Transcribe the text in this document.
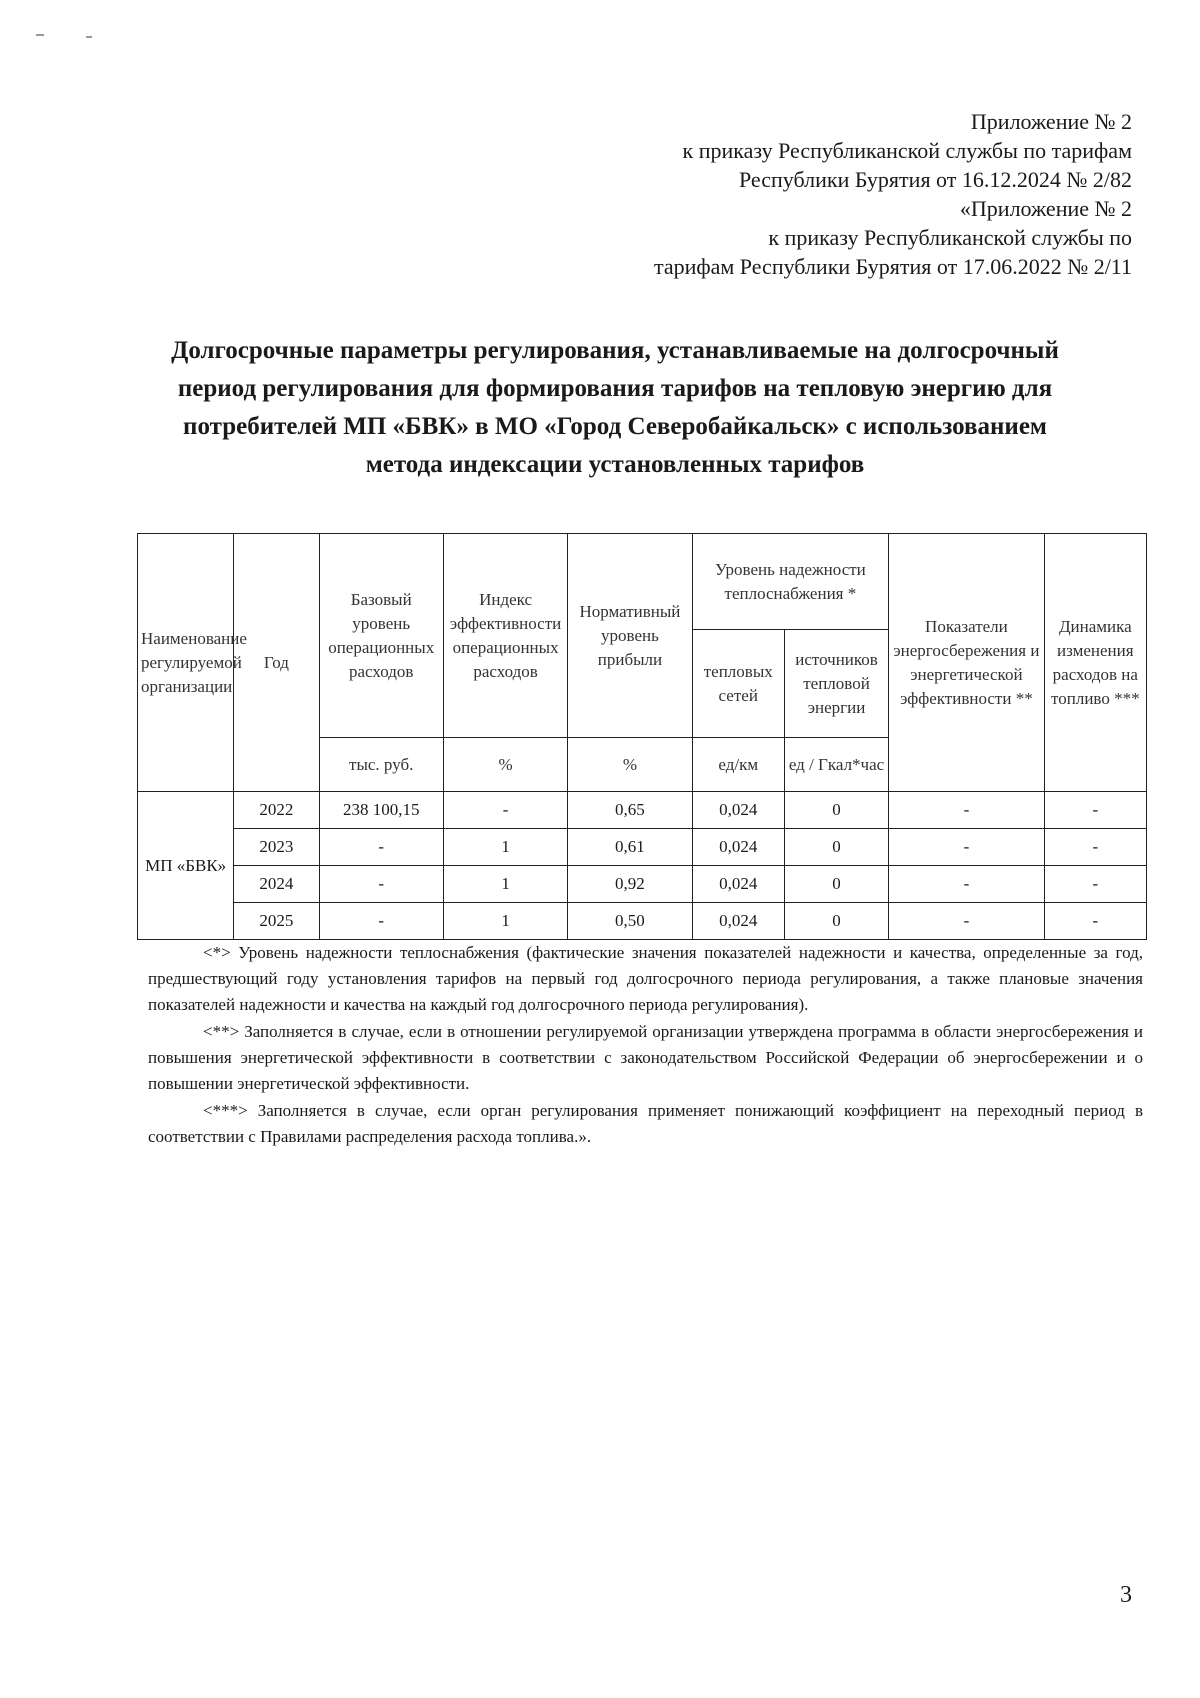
Приложение № 2
к приказу Республиканской службы по тарифам
Республики Бурятия от 16.12.2024 № 2/82
«Приложение № 2
к приказу Республиканской службы по
тарифам Республики Бурятия от 17.06.2022 № 2/11
Долгосрочные параметры регулирования, устанавливаемые на долгосрочный период регулирования для формирования тарифов на тепловую энергию для потребителей МП «БВК» в МО «Город Северобайкальск» с использованием метода индексации установленных тарифов
Наименование регулируемой организации	Год	Базовый уровень операционных расходов	Индекс эффективности операционных расходов	Нормативный уровень прибыли	Уровень надежности теплоснабжения *		Показатели энергосбережения и энергетической эффективности **	Динамика изменения расходов на топливо ***

					тепловых сетей	источников тепловой энергии		

		тыс. руб.	%	%	ед/км	ед / Гкал*час		
МП «БВК»	2022	238 100,15	-	0,65	0,024	0	-	-
	2023	-	1	0,61	0,024	0	-	-
	2024	-	1	0,92	0,024	0	-	-
	2025	-	1	0,50	0,024	0	-	-

<*> Уровень надежности теплоснабжения (фактические значения показателей надежности и качества, определенные за год, предшествующий году установления тарифов на первый год долгосрочного периода регулирования, а также плановые значения показателей надежности и качества на каждый год долгосрочного периода регулирования).

<**> Заполняется в случае, если в отношении регулируемой организации утверждена программа в области энергосбережения и повышения энергетической эффективности в соответствии с законодательством Российской Федерации об энергосбережении и о повышении энергетической эффективности.

<***> Заполняется в случае, если орган регулирования применяет понижающий коэффициент на переходный период в соответствии с Правилами распределения расхода топлива.».

3
